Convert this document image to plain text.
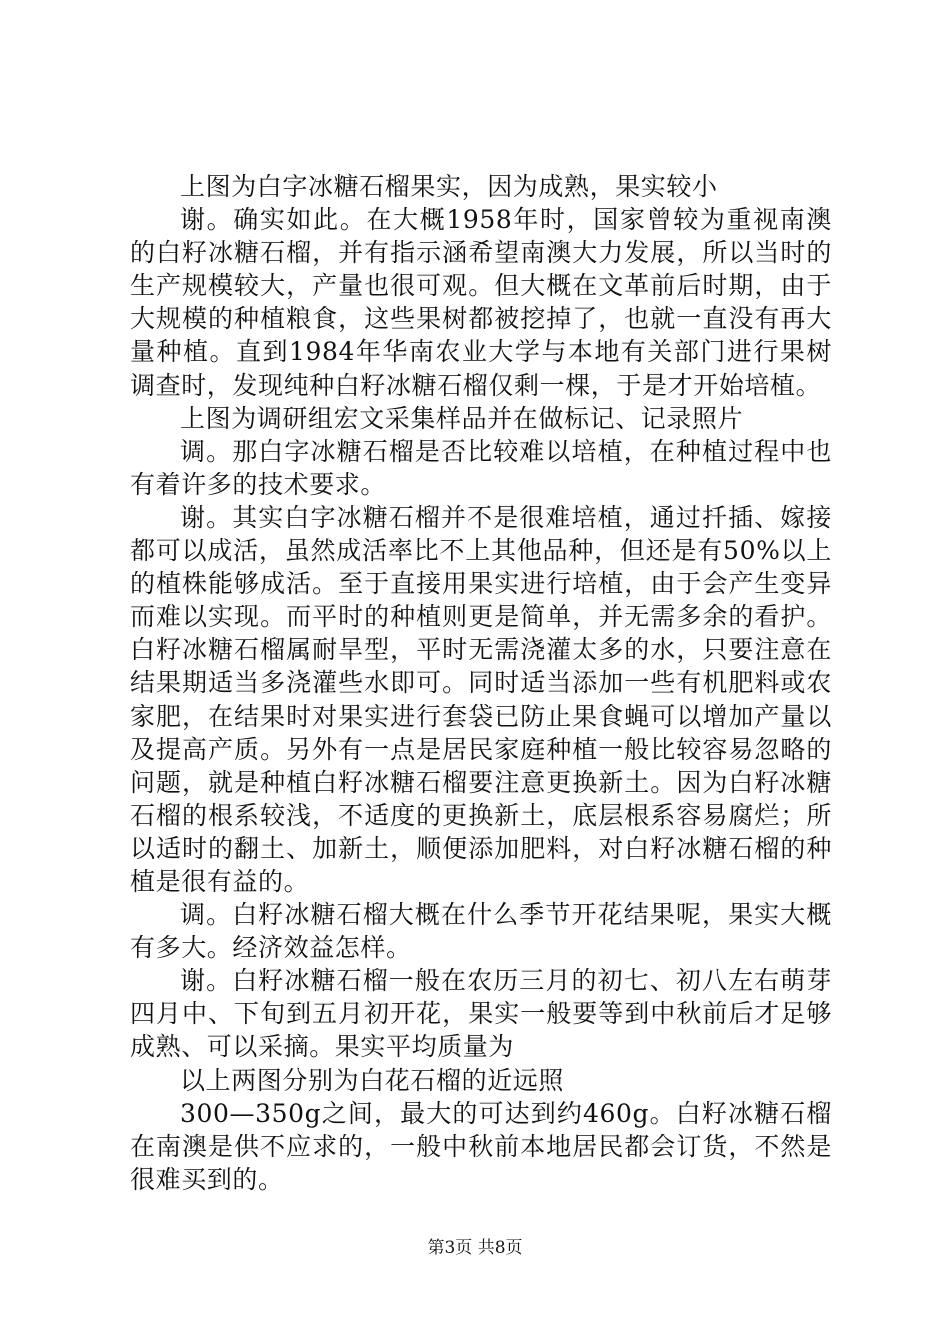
上图为白字冰糖石榴果实，因为成熟，果实较小

谢。确实如此。在大概1958年时，国家曾较为重视南澳的白籽冰糖石榴，并有指示涵希望南澳大力发展，所以当时的生产规模较大，产量也很可观。但大概在文革前后时期，由于大规模的种植粮食，这些果树都被挖掉了，也就一直没有再大量种植。直到1984年华南农业大学与本地有关部门进行果树调查时，发现纯种白籽冰糖石榴仅剩一棵，于是才开始培植。

上图为调研组宏文采集样品并在做标记、记录照片

调。那白字冰糖石榴是否比较难以培植，在种植过程中也有着许多的技术要求。

谢。其实白字冰糖石榴并不是很难培植，通过扦插、嫁接都可以成活，虽然成活率比不上其他品种，但还是有50%以上的植株能够成活。至于直接用果实进行培植，由于会产生变异而难以实现。而平时的种植则更是简单，并无需多余的看护。白籽冰糖石榴属耐旱型，平时无需浇灌太多的水，只要注意在结果期适当多浇灌些水即可。同时适当添加一些有机肥料或农家肥，在结果时对果实进行套袋已防止果食蝇可以增加产量以及提高产质。另外有一点是居民家庭种植一般比较容易忽略的问题，就是种植白籽冰糖石榴要注意更换新土。因为白籽冰糖石榴的根系较浅，不适度的更换新土，底层根系容易腐烂；所以适时的翻土、加新土，顺便添加肥料，对白籽冰糖石榴的种植是很有益的。

调。白籽冰糖石榴大概在什么季节开花结果呢，果实大概有多大。经济效益怎样。

谢。白籽冰糖石榴一般在农历三月的初七、初八左右萌芽四月中、下旬到五月初开花，果实一般要等到中秋前后才足够成熟、可以采摘。果实平均质量为

以上两图分别为白花石榴的近远照

300—350g之间，最大的可达到约460g。白籽冰糖石榴在南澳是供不应求的，一般中秋前本地居民都会订货，不然是很难买到的。

第3页 共8页
